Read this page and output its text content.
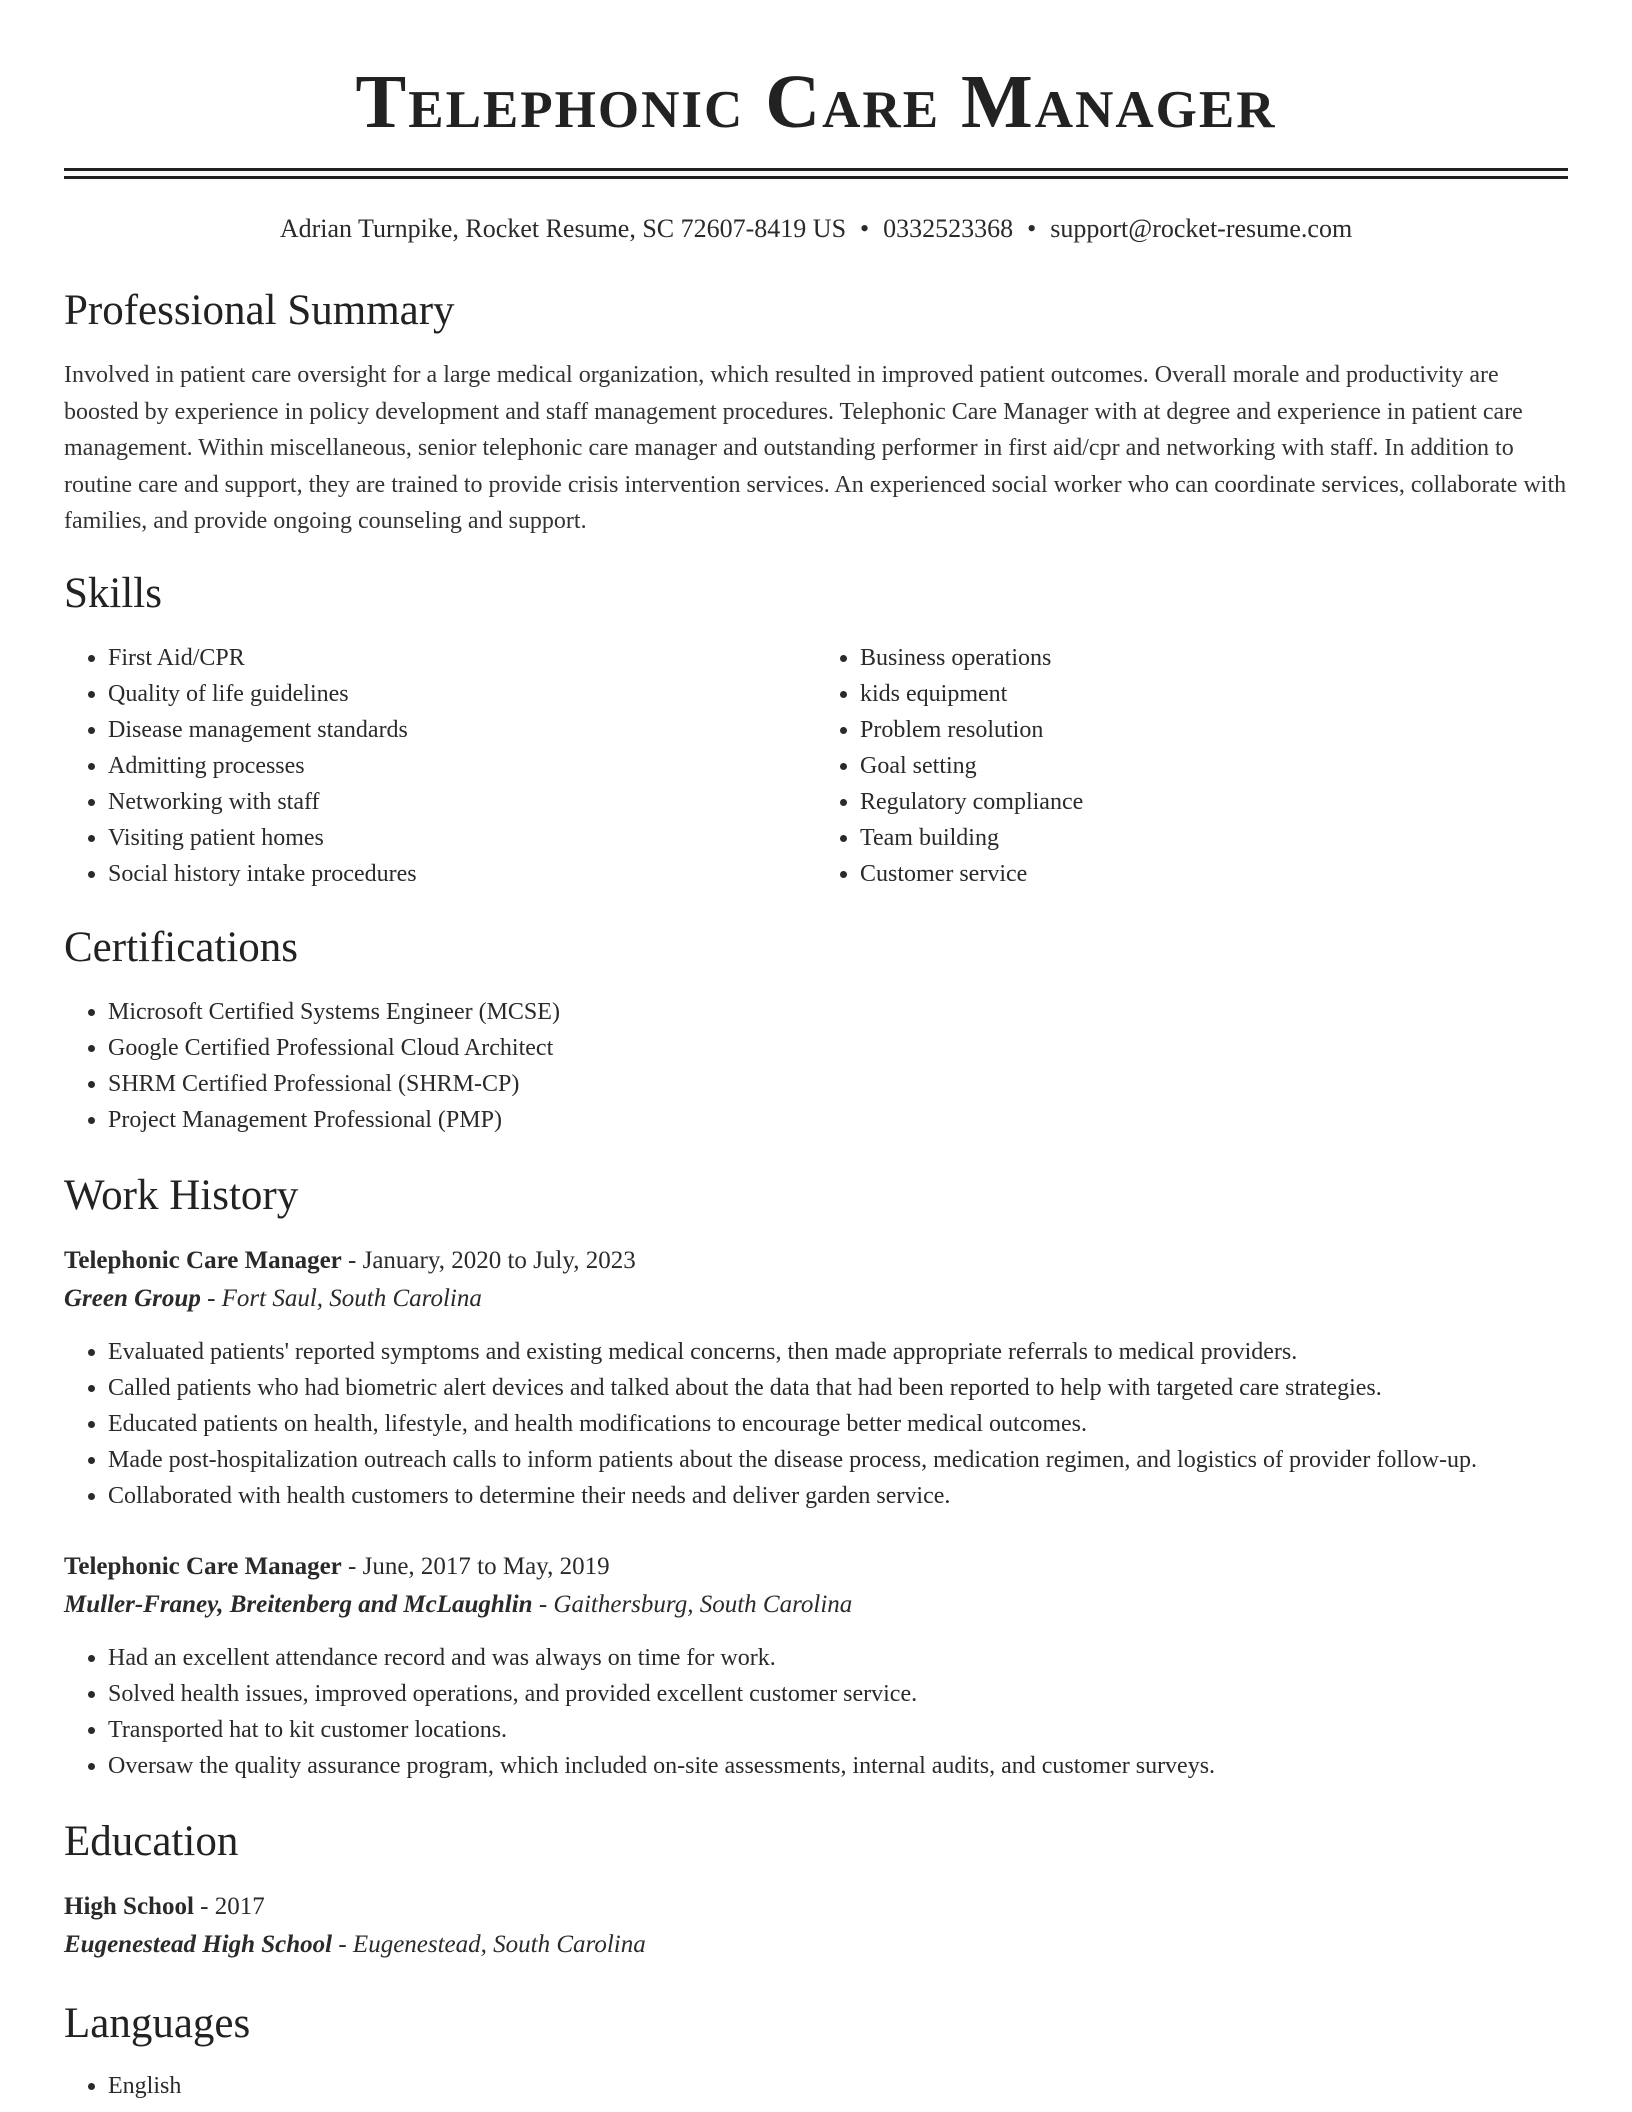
Telephonic Care Manager
Adrian Turnpike, Rocket Resume, SC 72607-8419 US • 0332523368 • support@rocket-resume.com
Professional Summary

Involved in patient care oversight for a large medical organization, which resulted in improved patient outcomes. Overall morale and productivity are boosted by experience in policy development and staff management procedures. Telephonic Care Manager with at degree and experience in patient care management. Within miscellaneous, senior telephonic care manager and outstanding performer in first aid/cpr and networking with staff. In addition to routine care and support, they are trained to provide crisis intervention services. An experienced social worker who can coordinate services, collaborate with families, and provide ongoing counseling and support.

Skills
• First Aid/CPR
• Quality of life guidelines
• Disease management standards
• Admitting processes
• Networking with staff
• Visiting patient homes
• Social history intake procedures
• Business operations
• kids equipment
• Problem resolution
• Goal setting
• Regulatory compliance
• Team building
• Customer service
Certifications
• Microsoft Certified Systems Engineer (MCSE)
• Google Certified Professional Cloud Architect
• SHRM Certified Professional (SHRM-CP)
• Project Management Professional (PMP)
Work History
Telephonic Care Manager - January, 2020 to July, 2023
Green Group - Fort Saul, South Carolina
• Evaluated patients' reported symptoms and existing medical concerns, then made appropriate referrals to medical providers.
• Called patients who had biometric alert devices and talked about the data that had been reported to help with targeted care strategies.
• Educated patients on health, lifestyle, and health modifications to encourage better medical outcomes.
• Made post-hospitalization outreach calls to inform patients about the disease process, medication regimen, and logistics of provider follow-up.
• Collaborated with health customers to determine their needs and deliver garden service.
Telephonic Care Manager - June, 2017 to May, 2019
Muller-Franey, Breitenberg and McLaughlin - Gaithersburg, South Carolina
• Had an excellent attendance record and was always on time for work.
• Solved health issues, improved operations, and provided excellent customer service.
• Transported hat to kit customer locations.
• Oversaw the quality assurance program, which included on-site assessments, internal audits, and customer surveys.
Education
High School - 2017
Eugenestead High School - Eugenestead, South Carolina
Languages
• English
